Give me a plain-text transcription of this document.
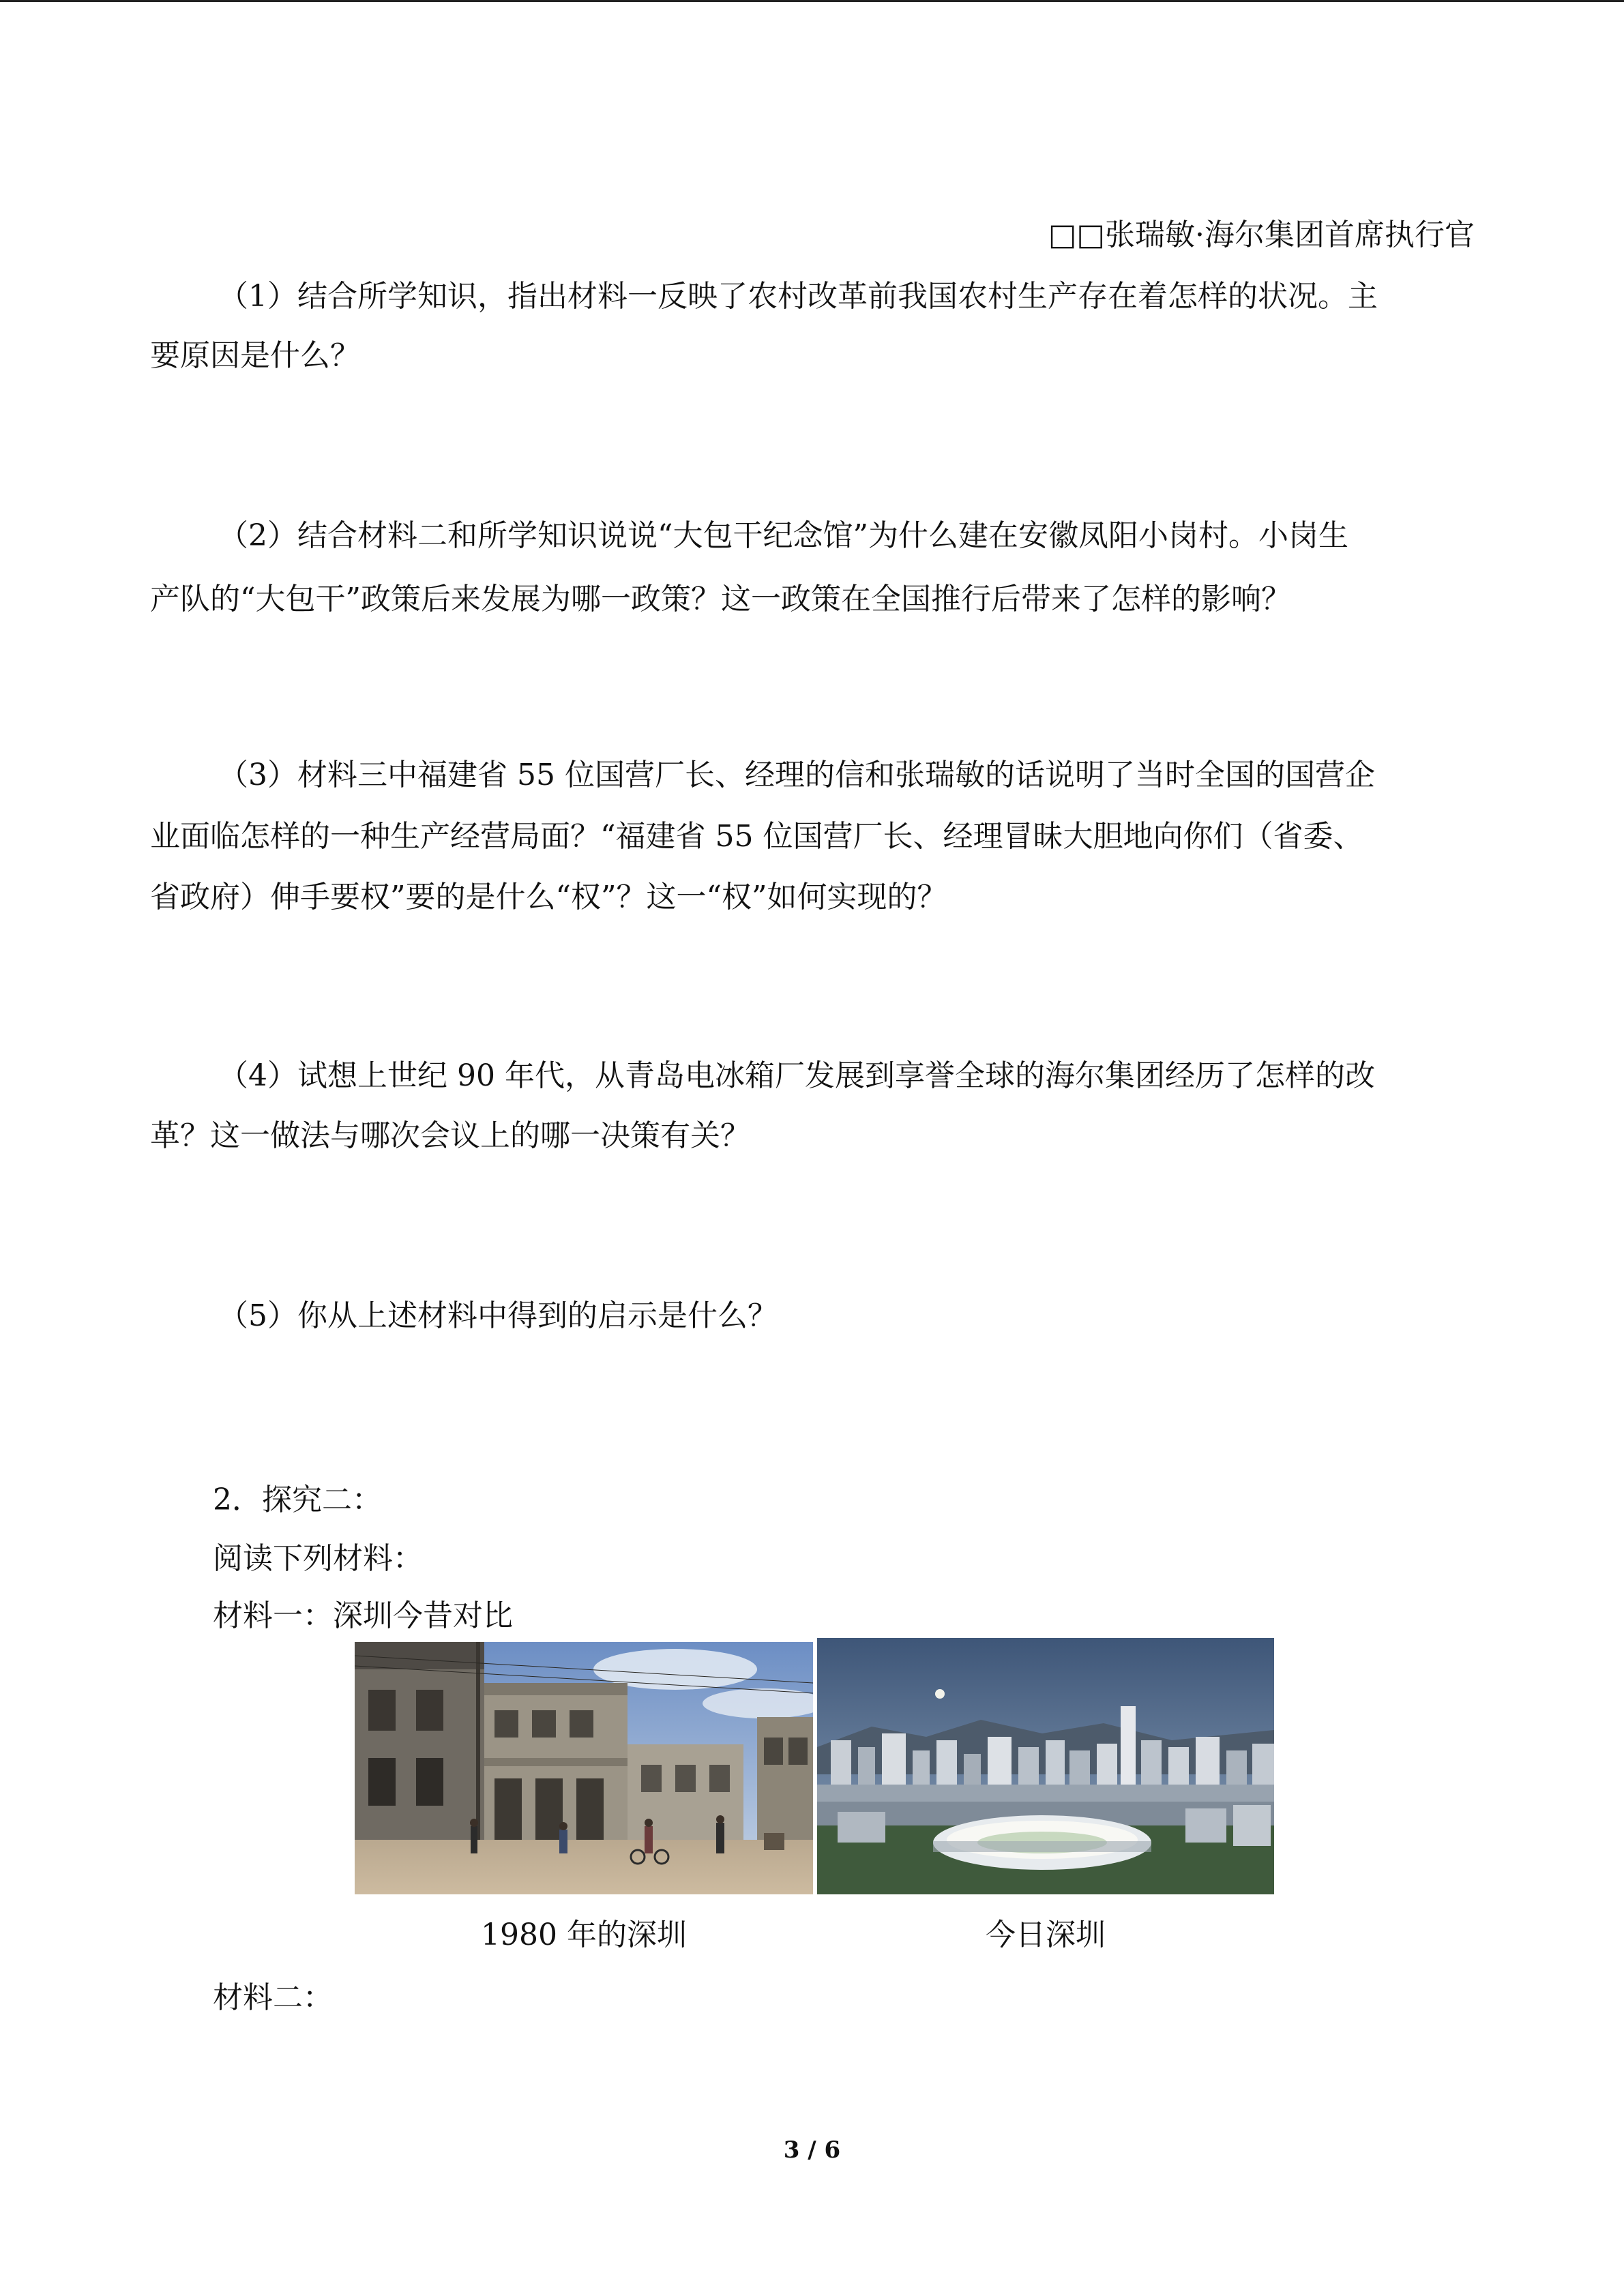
□□张瑞敏·海尔集团首席执行官
（1）结合所学知识，指出材料一反映了农村改革前我国农村生产存在着怎样的状况。主
要原因是什么？
（2）结合材料二和所学知识说说“大包干纪念馆”为什么建在安徽凤阳小岗村。小岗生
产队的“大包干”政策后来发展为哪一政策？这一政策在全国推行后带来了怎样的影响？
（3）材料三中福建省 55 位国营厂长、经理的信和张瑞敏的话说明了当时全国的国营企
业面临怎样的一种生产经营局面？“福建省 55 位国营厂长、经理冒昧大胆地向你们（省委、
省政府）伸手要权”要的是什么“权”？这一“权”如何实现的？
（4）试想上世纪 90 年代，从青岛电冰箱厂发展到享誉全球的海尔集团经历了怎样的改
革？这一做法与哪次会议上的哪一决策有关？
（5）你从上述材料中得到的启示是什么？
2．探究二：
阅读下列材料：
材料一：深圳今昔对比
1980 年的深圳	今日深圳
材料二：
3 / 6
